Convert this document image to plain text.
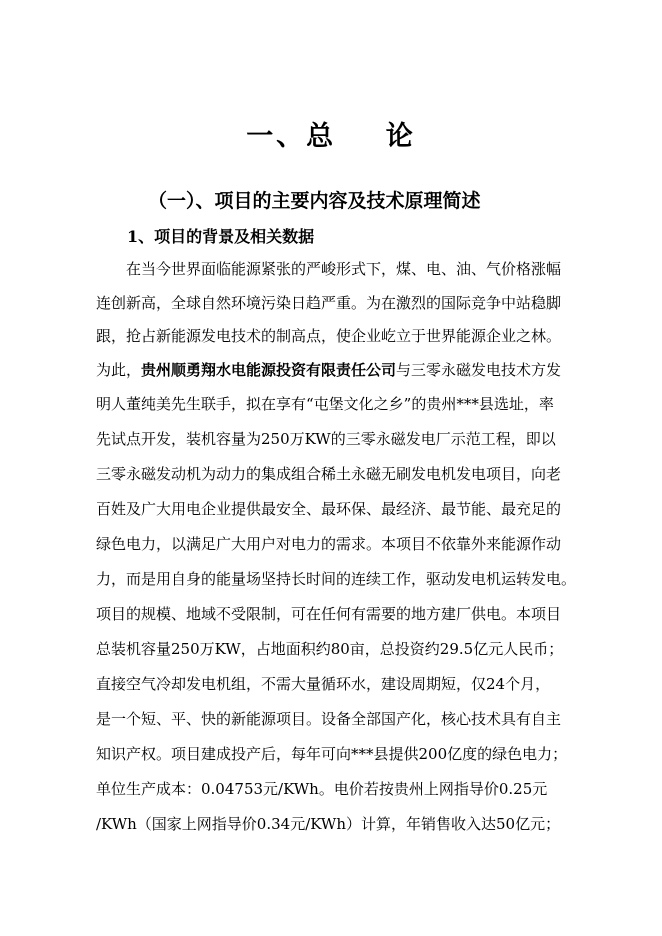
一、总    论
（一）、项目的主要内容及技术原理简述
1、项目的背景及相关数据
在当今世界面临能源紧张的严峻形式下，煤、电、油、气价格涨幅
连创新高，全球自然环境污染日趋严重。为在激烈的国际竞争中站稳脚
跟，抢占新能源发电技术的制高点，使企业屹立于世界能源企业之林。
为此，贵州顺勇翔水电能源投资有限责任公司与三零永磁发电技术方发
明人董纯美先生联手，拟在享有“屯堡文化之乡”的贵州***县选址，率
先试点开发，装机容量为250万KW的三零永磁发电厂示范工程，即以
三零永磁发动机为动力的集成组合稀土永磁无刷发电机发电项目，向老
百姓及广大用电企业提供最安全、最环保、最经济、最节能、最充足的
绿色电力，以满足广大用户对电力的需求。本项目不依靠外来能源作动
力，而是用自身的能量场坚持长时间的连续工作，驱动发电机运转发电。
项目的规模、地域不受限制，可在任何有需要的地方建厂供电。本项目
总装机容量250万KW，占地面积约80亩，总投资约29.5亿元人民币；
直接空气冷却发电机组，不需大量循环水，建设周期短，仅24个月，
是一个短、平、快的新能源项目。设备全部国产化，核心技术具有自主
知识产权。项目建成投产后，每年可向***县提供200亿度的绿色电力；
单位生产成本：0.04753元/KWh。电价若按贵州上网指导价0.25元
/KWh（国家上网指导价0.34元/KWh）计算，年销售收入达50亿元；
